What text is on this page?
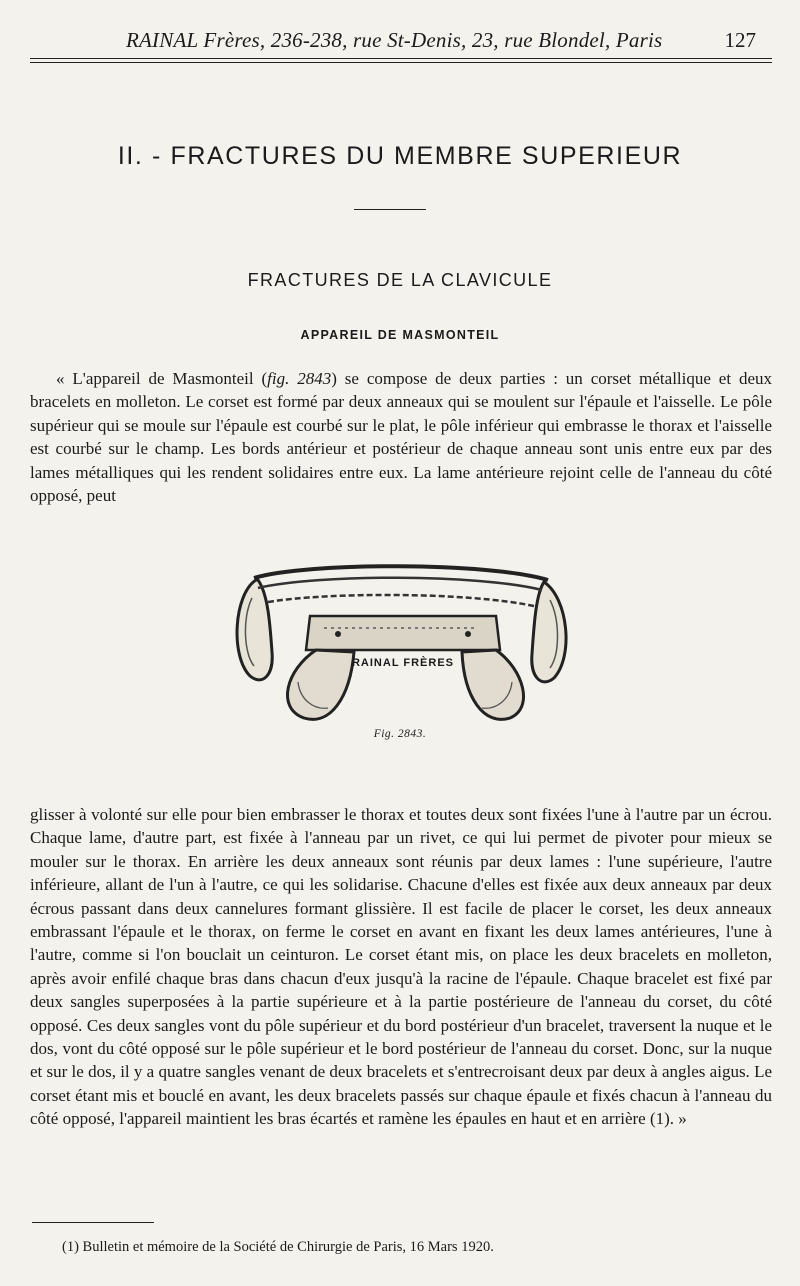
RAINAL Frères, 236-238, rue St-Denis, 23, rue Blondel, Paris	127
II. - FRACTURES DU MEMBRE SUPERIEUR
FRACTURES DE LA CLAVICULE
APPAREIL DE MASMONTEIL
« L'appareil de Masmonteil (fig. 2843) se compose de deux parties : un corset métallique et deux bracelets en molleton. Le corset est formé par deux anneaux qui se moulent sur l'épaule et l'aisselle. Le pôle supérieur qui se moule sur l'épaule est courbé sur le plat, le pôle inférieur qui embrasse le thorax et l'aisselle est courbé sur le champ. Les bords antérieur et postérieur de chaque anneau sont unis entre eux par des lames métalliques qui les rendent solidaires entre eux. La lame antérieure rejoint celle de l'anneau du côté opposé, peut
RAINAL FRÈRES
Fig. 2843.
glisser à volonté sur elle pour bien embrasser le thorax et toutes deux sont fixées l'une à l'autre par un écrou. Chaque lame, d'autre part, est fixée à l'anneau par un rivet, ce qui lui permet de pivoter pour mieux se mouler sur le thorax. En arrière les deux anneaux sont réunis par deux lames : l'une supérieure, l'autre inférieure, allant de l'un à l'autre, ce qui les solidarise. Chacune d'elles est fixée aux deux anneaux par deux écrous passant dans deux cannelures formant glissière. Il est facile de placer le corset, les deux anneaux embrassant l'épaule et le thorax, on ferme le corset en avant en fixant les deux lames antérieures, l'une à l'autre, comme si l'on bouclait un ceinturon. Le corset étant mis, on place les deux bracelets en molleton, après avoir enfilé chaque bras dans chacun d'eux jusqu'à la racine de l'épaule. Chaque bracelet est fixé par deux sangles superposées à la partie supérieure et à la partie postérieure de l'anneau du corset, du côté opposé. Ces deux sangles vont du pôle supérieur et du bord postérieur d'un bracelet, traversent la nuque et le dos, vont du côté opposé sur le pôle supérieur et le bord postérieur de l'anneau du corset. Donc, sur la nuque et sur le dos, il y a quatre sangles venant de deux bracelets et s'entrecroisant deux par deux à angles aigus. Le corset étant mis et bouclé en avant, les deux bracelets passés sur chaque épaule et fixés chacun à l'anneau du côté opposé, l'appareil maintient les bras écartés et ramène les épaules en haut et en arrière (1). »
(1) Bulletin et mémoire de la Société de Chirurgie de Paris, 16 Mars 1920.
